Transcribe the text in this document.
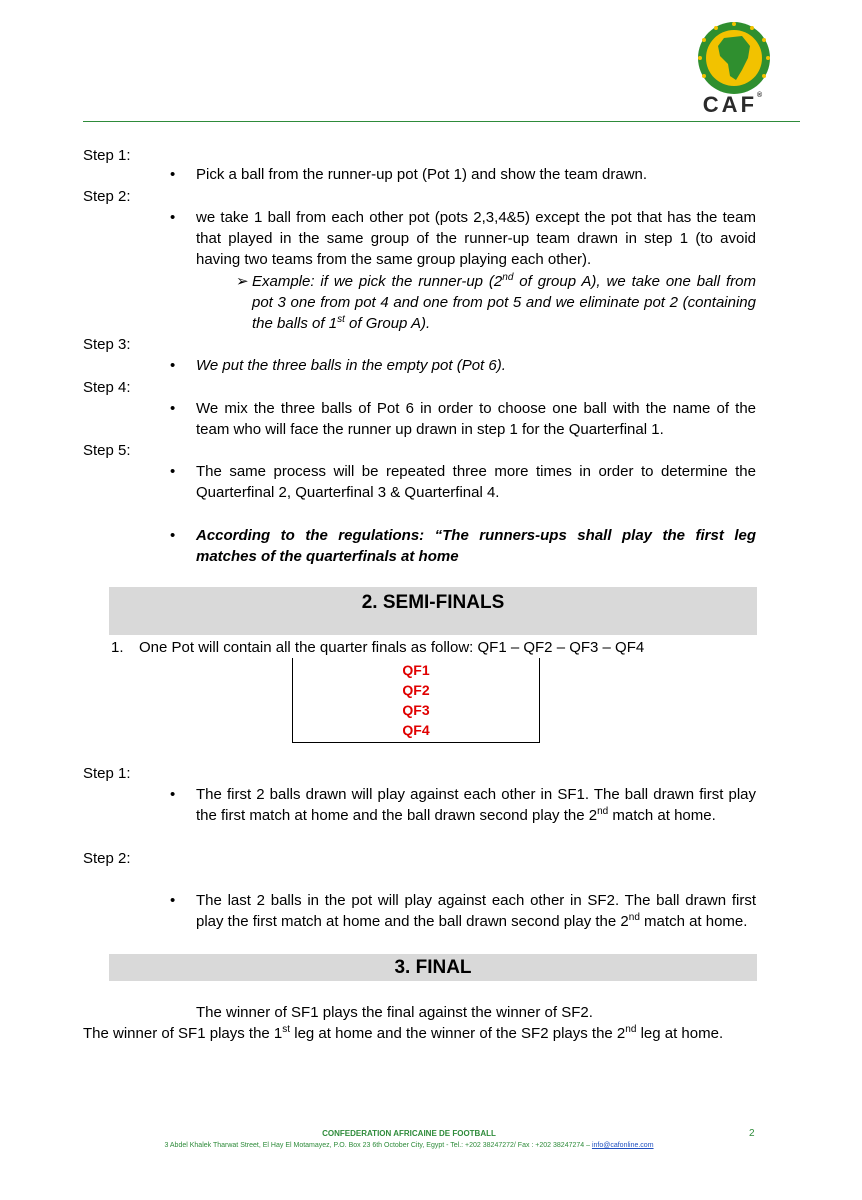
CAF®
Step 1:
• Pick a ball from the runner-up pot (Pot 1) and show the team drawn.
Step 2:
• we take 1 ball from each other pot (pots 2,3,4&5) except the pot that has the team that played in the same group of the runner-up team drawn in step 1 (to avoid having two teams from the same group playing each other).
➢ Example: if we pick the runner-up (2nd of group A), we take one ball from pot 3 one from pot 4 and one from pot 5 and we eliminate pot 2 (containing the balls of 1st of Group A).
Step 3:
• We put the three balls in the empty pot (Pot 6).
Step 4:
• We mix the three balls of Pot 6 in order to choose one ball with the name of the team who will face the runner up drawn in step 1 for the Quarterfinal 1.
Step 5:
• The same process will be repeated three more times in order to determine the Quarterfinal 2, Quarterfinal 3 & Quarterfinal 4.
• According to the regulations: “The runners-ups shall play the first leg matches of the quarterfinals at home
2. SEMI-FINALS
1. One Pot will contain all the quarter finals as follow: QF1 – QF2 – QF3 – QF4
QF1
QF2
QF3
QF4
Step 1:
• The first 2 balls drawn will play against each other in SF1. The ball drawn first play the first match at home and the ball drawn second play the 2nd match at home.
Step 2:
• The last 2 balls in the pot will play against each other in SF2. The ball drawn first play the first match at home and the ball drawn second play the 2nd match at home.
3. FINAL
The winner of SF1 plays the final against the winner of SF2.
The winner of SF1 plays the 1st leg at home and the winner of the SF2 plays the 2nd leg at home.
CONFEDERATION AFRICAINE DE FOOTBALL
3 Abdel Khalek Tharwat Street, El Hay El Motamayez, P.O. Box 23 6th October City, Egypt - Tel.: +202 38247272/ Fax : +202 38247274 – info@cafonline.com
2
